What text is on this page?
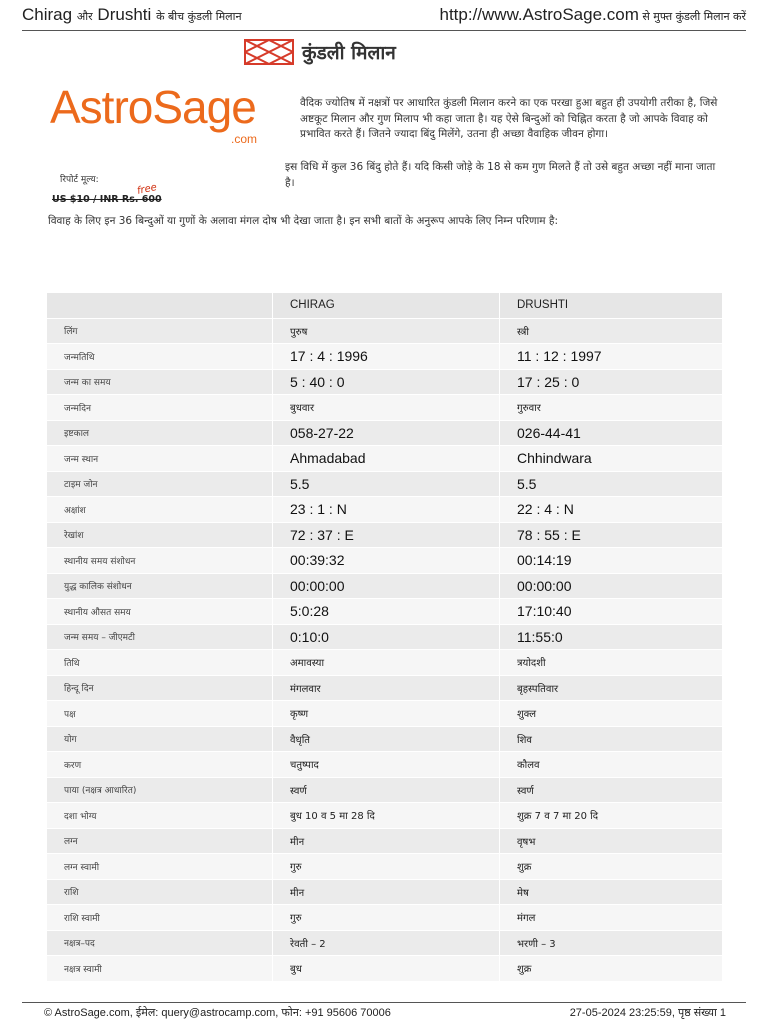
Chirag और Drushti के बीच कुंडली मिलान	http://www.AstroSage.com से मुफ्त कुंडली मिलान करें
कुंडली मिलान
AstroSage
.com
वैदिक ज्योतिष में नक्षत्रों पर आधारित कुंडली मिलान करने का एक परखा हुआ बहुत ही उपयोगी तरीका है, जिसे अष्टकूट मिलान और गुण मिलाप भी कहा जाता है। यह ऐसे बिन्दुओं को चिह्नित करता है जो आपके विवाह को प्रभावित करते हैं। जितने ज्यादा बिंदु मिलेंगे, उतना ही अच्छा वैवाहिक जीवन होगा।
इस विधि में कुल 36 बिंदु होते हैं। यदि किसी जोड़े के 18 से कम गुण मिलते हैं तो उसे बहुत अच्छा नहीं माना जाता है।
रिपोर्ट मूल्य:
US $10 / INR Rs. 600
free
विवाह के लिए इन 36 बिन्दुओं या गुणों के अलावा मंगल दोष भी देखा जाता है। इन सभी बातों के अनुरूप आपके लिए निम्न परिणाम है:
	CHIRAG	DRUSHTI
लिंग	पुरुष	स्त्री
जन्मतिथि	17 : 4 : 1996	11 : 12 : 1997
जन्म का समय	5 : 40 : 0	17 : 25 : 0
जन्मदिन	बुधवार	गुरुवार
इष्टकाल	058-27-22	026-44-41
जन्म स्थान	Ahmadabad	Chhindwara
टाइम जोन	5.5	5.5
अक्षांश	23 : 1 : N	22 : 4 : N
रेखांश	72 : 37 : E	78 : 55 : E
स्थानीय समय संशोधन	00:39:32	00:14:19
युद्ध कालिक संशोधन	00:00:00	00:00:00
स्थानीय औसत समय	5:0:28	17:10:40
जन्म समय – जीएमटी	0:10:0	11:55:0
तिथि	अमावस्या	त्रयोदशी
हिन्दू दिन	मंगलवार	बृहस्पतिवार
पक्ष	कृष्ण	शुक्ल
योग	वैधृति	शिव
करण	चतुष्पाद	कौलव
पाया (नक्षत्र आधारित)	स्वर्ण	स्वर्ण
दशा भोग्य	बुध 10 व 5 मा 28 दि	शुक्र 7 व 7 मा 20 दि
लग्न	मीन	वृषभ
लग्न स्वामी	गुरु	शुक्र
राशि	मीन	मेष
राशि स्वामी	गुरु	मंगल
नक्षत्र–पद	रेवती – 2	भरणी – 3
नक्षत्र स्वामी	बुध	शुक्र
© AstroSage.com, ईमेल: query@astrocamp.com, फोन: +91 95606 70006	27-05-2024 23:25:59, पृष्ठ संख्या 1
